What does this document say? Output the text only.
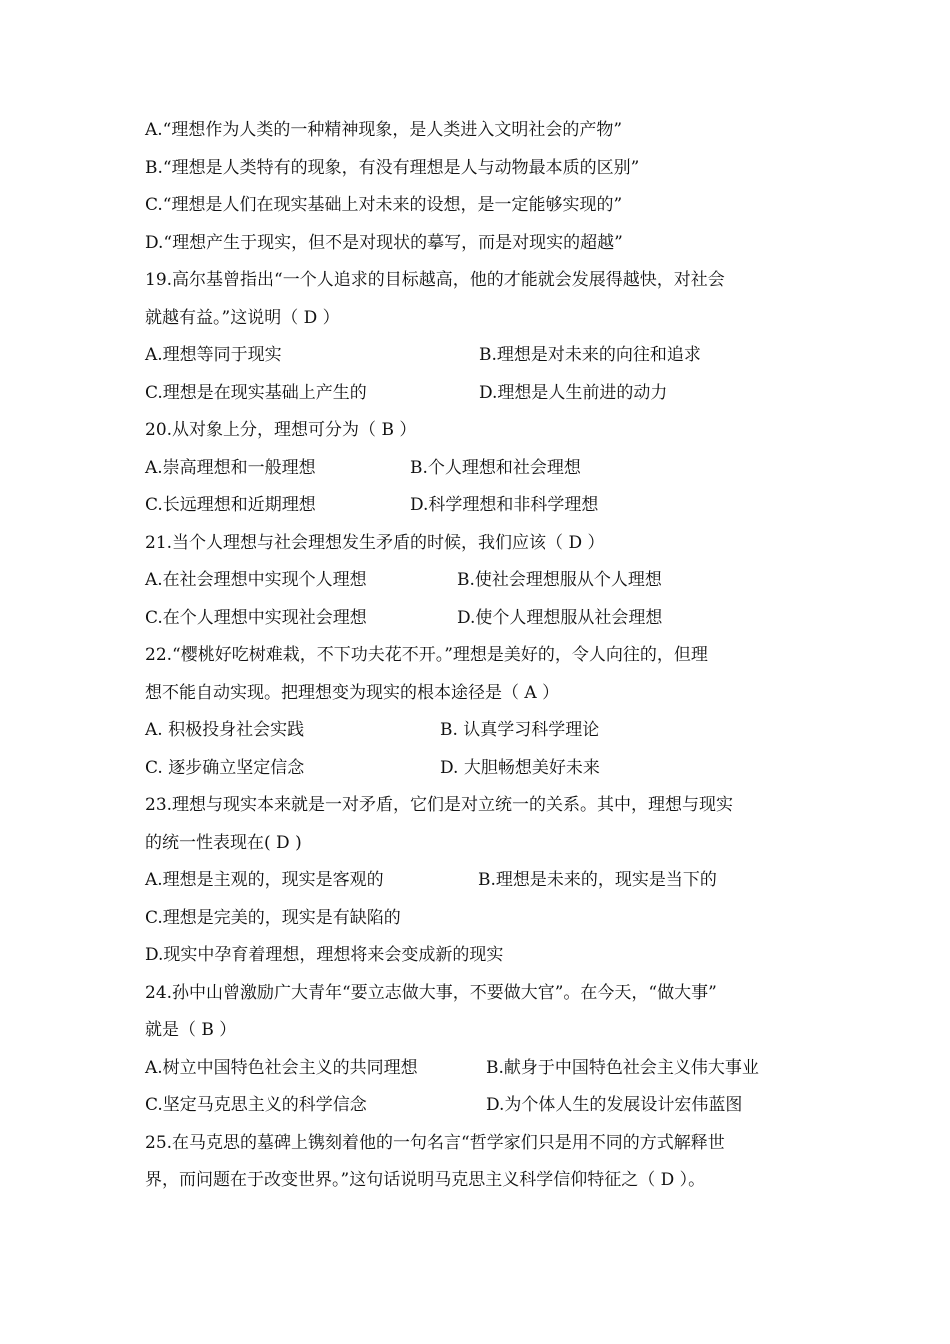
A.“理想作为人类的一种精神现象，是人类进入文明社会的产物”
B.“理想是人类特有的现象，有没有理想是人与动物最本质的区别”
C.“理想是人们在现实基础上对未来的设想，是一定能够实现的”
D.“理想产生于现实，但不是对现状的摹写，而是对现实的超越”
19.高尔基曾指出“一个人追求的目标越高，他的才能就会发展得越快，对社会
就越有益。”这说明（ D ）
A.理想等同于现实	B.理想是对未来的向往和追求
C.理想是在现实基础上产生的	D.理想是人生前进的动力
20.从对象上分，理想可分为（ B ）
A.崇高理想和一般理想	B.个人理想和社会理想
C.长远理想和近期理想	D.科学理想和非科学理想
21.当个人理想与社会理想发生矛盾的时候，我们应该（ D ）
A.在社会理想中实现个人理想	B.使社会理想服从个人理想
C.在个人理想中实现社会理想	D.使个人理想服从社会理想
22.“樱桃好吃树难栽，不下功夫花不开。”理想是美好的，令人向往的，但理
想不能自动实现。把理想变为现实的根本途径是（ A ）
A. 积极投身社会实践	B. 认真学习科学理论
C. 逐步确立坚定信念	D. 大胆畅想美好未来
23.理想与现实本来就是一对矛盾，它们是对立统一的关系。其中，理想与现实
的统一性表现在( D )
A.理想是主观的，现实是客观的	B.理想是未来的，现实是当下的
C.理想是完美的，现实是有缺陷的
D.现实中孕育着理想，理想将来会变成新的现实
24.孙中山曾激励广大青年“要立志做大事，不要做大官”。在今天，“做大事”
就是（ B ）
A.树立中国特色社会主义的共同理想	B.献身于中国特色社会主义伟大事业
C.坚定马克思主义的科学信念	D.为个体人生的发展设计宏伟蓝图
25.在马克思的墓碑上镌刻着他的一句名言“哲学家们只是用不同的方式解释世
界，而问题在于改变世界。”这句话说明马克思主义科学信仰特征之（ D ）。
